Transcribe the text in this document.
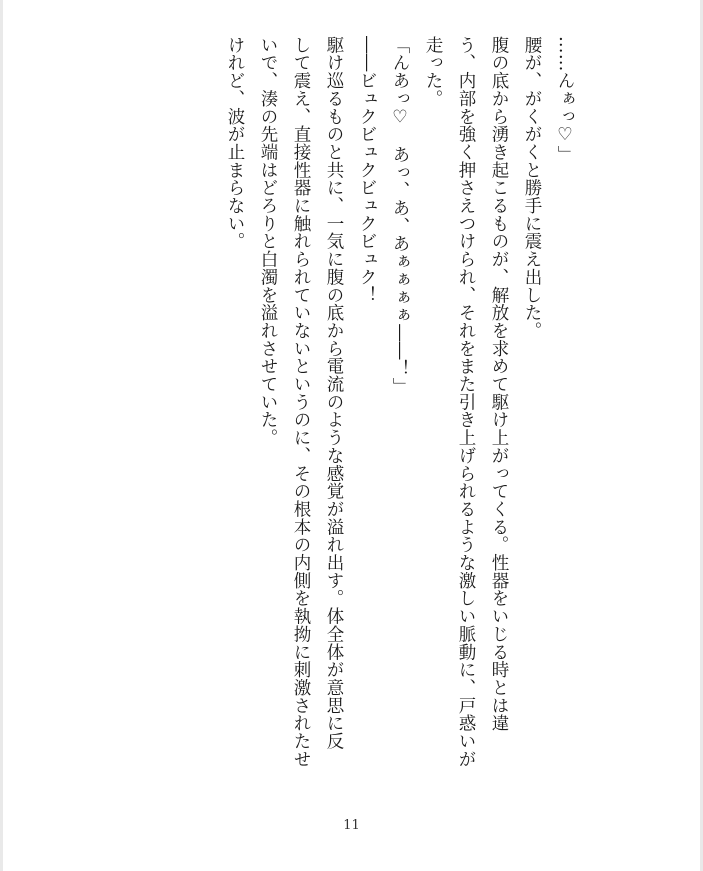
……んぁっ♡」
腰が、がくがくと勝手に震え出した。
腹の底から湧き起こるものが、解放を求めて駆け上がってくる。性器をいじる時とは違
う、内部を強く押さえつけられ、それをまた引き上げられるような激しい脈動に、戸惑いが
走った。
「んあっ♡　あっ、あ、あぁぁぁぁ――！」
――ビュクビュクビュクビュク！
駆け巡るものと共に、一気に腹の底から電流のような感覚が溢れ出す。体全体が意思に反
して震え、直接性器に触れられていないというのに、その根本の内側を執拗に刺激されたせ
いで、湊の先端はどろりと白濁を溢れさせていた。
けれど、波が止まらない。
11
